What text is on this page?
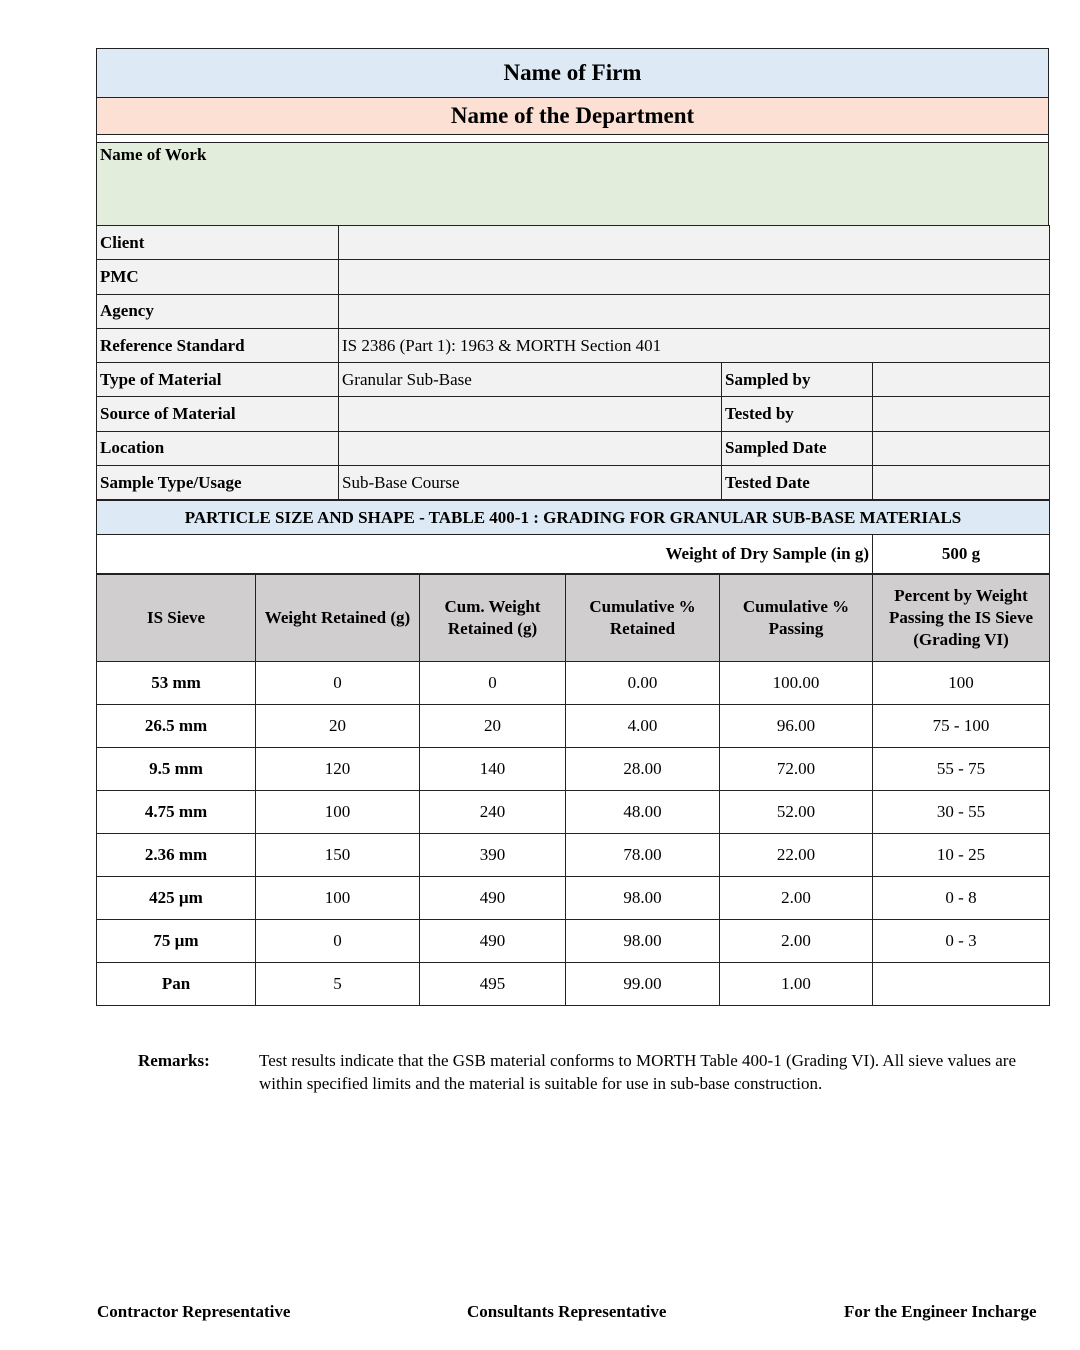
Name of Firm
Name of the Department
Name of Work
Client			
PMC			
Agency			
Reference Standard	IS 2386 (Part 1): 1963 & MORTH Section 401		
Type of Material	Granular Sub-Base	Sampled by	
Source of Material		Tested by	
Location		Sampled Date	
Sample Type/Usage	Sub-Base Course	Tested Date	
PARTICLE SIZE AND SHAPE - TABLE 400-1 : GRADING FOR GRANULAR SUB-BASE MATERIALS
Weight of Dry Sample (in g)	500 g
IS Sieve	Weight Retained (g)	Cum. Weight Retained (g)	Cumulative % Retained	Cumulative % Passing	Percent by Weight Passing the IS Sieve (Grading VI)
53 mm	0	0	0.00	100.00	100
26.5 mm	20	20	4.00	96.00	75 - 100
9.5 mm	120	140	28.00	72.00	55 - 75
4.75 mm	100	240	48.00	52.00	30 - 55
2.36 mm	150	390	78.00	22.00	10 - 25
425 µm	100	490	98.00	2.00	0 - 8
75 µm	0	490	98.00	2.00	0 - 3
Pan	5	495	99.00	1.00	
Remarks:	Test results indicate that the GSB material conforms to MORTH Table 400-1 (Grading VI). All sieve values are within specified limits and the material is suitable for use in sub-base construction.

Contractor Representative	Consultants Representative	For the Engineer Incharge
